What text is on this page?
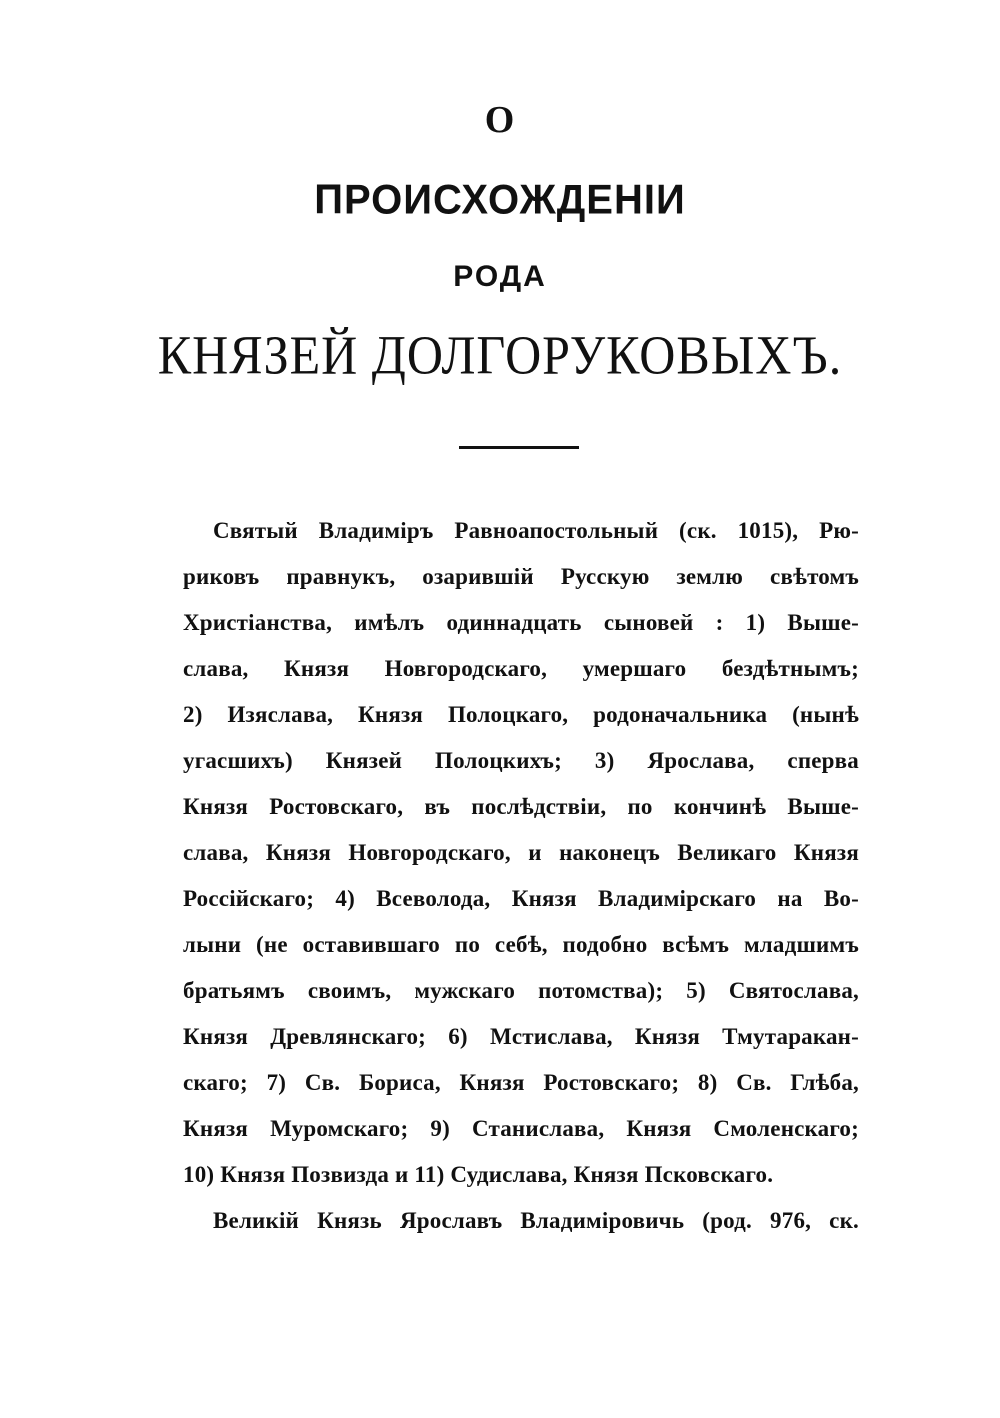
О
ПРОИСХОЖДЕНІИ
РОДА
КНЯЗЕЙ ДОЛГОРУКОВЫХЪ.
Святый Владиміръ Равноапостольный (ск. 1015), Рю-
риковъ правнукъ, озарившій Русскую землю свѣтомъ
Христіанства, имѣлъ одиннадцать сыновей : 1) Выше-
слава, Князя Новгородскаго, умершаго бездѣтнымъ;
2) Изяслава, Князя Полоцкаго, родоначальника (нынѣ
угасшихъ) Князей Полоцкихъ; 3) Ярослава, сперва
Князя Ростовскаго, въ послѣдствіи, по кончинѣ Выше-
слава, Князя Новгородскаго, и наконецъ Великаго Князя
Россійскаго; 4) Всеволода, Князя Владимірскаго на Во-
лыни (не оставившаго по себѣ, подобно всѣмъ младшимъ
братьямъ своимъ, мужскаго потомства); 5) Святослава,
Князя Древлянскаго; 6) Мстислава, Князя Тмутаракан-
скаго; 7) Св. Бориса, Князя Ростовскаго; 8) Св. Глѣба,
Князя Муромскаго; 9) Станислава, Князя Смоленскаго;
10) Князя Позвизда и 11) Судислава, Князя Псковскаго.
Великій Князь Ярославъ Владиміровичь (род. 976, ск.
